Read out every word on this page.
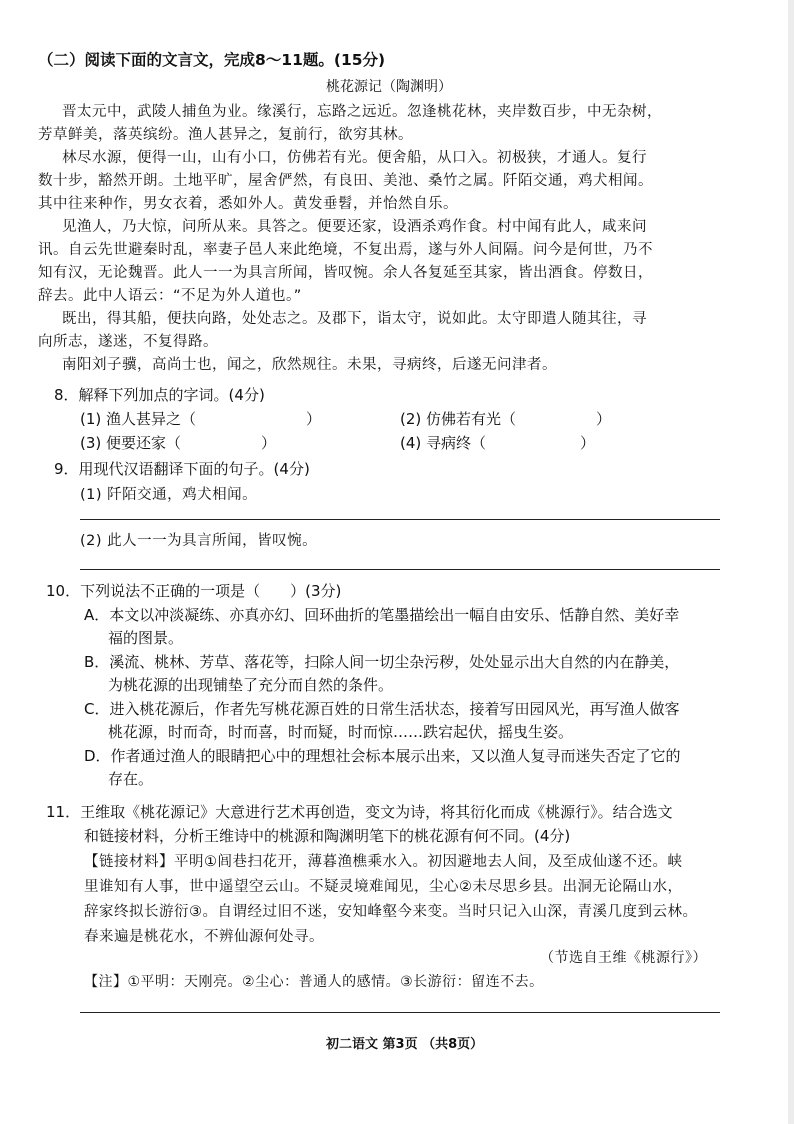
（二）阅读下面的文言文，完成8～11题。(15分)
桃花源记（陶渊明）
晋太元中，武陵人捕鱼为业。缘溪行，忘路之远近。忽逢桃花林，夹岸数百步，中无杂树，
芳草鲜美，落英缤纷。渔人甚异之，复前行，欲穷其林。
林尽水源，便得一山，山有小口，仿佛若有光。便舍船，从口入。初极狭，才通人。复行
数十步，豁然开朗。土地平旷，屋舍俨然，有良田、美池、桑竹之属。阡陌交通，鸡犬相闻。
其中往来种作，男女衣着，悉如外人。黄发垂髫，并怡然自乐。
见渔人，乃大惊，问所从来。具答之。便要还家，设酒杀鸡作食。村中闻有此人，咸来问
讯。自云先世避秦时乱，率妻子邑人来此绝境，不复出焉，遂与外人间隔。问今是何世，乃不
知有汉，无论魏晋。此人一一为具言所闻，皆叹惋。余人各复延至其家，皆出酒食。停数日，
辞去。此中人语云：“不足为外人道也。”
既出，得其船，便扶向路，处处志之。及郡下，诣太守，说如此。太守即遣人随其往，寻
向所志，遂迷，不复得路。
南阳刘子骥，高尚士也，闻之，欣然规往。未果，寻病终，后遂无问津者。
8．解释下列加点的字词。(4分)
(1) 渔人甚异之（	）	(2) 仿佛若有光（	）
(3) 便要还家（	）	(4) 寻病终（	）
9．用现代汉语翻译下面的句子。(4分)
(1) 阡陌交通，鸡犬相闻。
(2) 此人一一为具言所闻，皆叹惋。
10．下列说法不正确的一项是（　　）(3分)
A．本文以冲淡凝练、亦真亦幻、回环曲折的笔墨描绘出一幅自由安乐、恬静自然、美好幸
福的图景。
B．溪流、桃林、芳草、落花等，扫除人间一切尘杂污秽，处处显示出大自然的内在静美，
为桃花源的出现铺垫了充分而自然的条件。
C．进入桃花源后，作者先写桃花源百姓的日常生活状态，接着写田园风光，再写渔人做客
桃花源，时而奇，时而喜，时而疑，时而惊……跌宕起伏，摇曳生姿。
D．作者通过渔人的眼睛把心中的理想社会标本展示出来，又以渔人复寻而迷失否定了它的
存在。
11．王维取《桃花源记》大意进行艺术再创造，变文为诗，将其衍化而成《桃源行》。结合选文
和链接材料，分析王维诗中的桃源和陶渊明笔下的桃花源有何不同。(4分)
【链接材料】平明①闾巷扫花开，薄暮渔樵乘水入。初因避地去人间，及至成仙遂不还。峡
里谁知有人事，世中遥望空云山。不疑灵境难闻见，尘心②未尽思乡县。出洞无论隔山水，
辞家终拟长游衍③。自谓经过旧不迷，安知峰壑今来变。当时只记入山深，青溪几度到云林。
春来遍是桃花水，不辨仙源何处寻。
（节选自王维《桃源行》）
【注】①平明：天刚亮。②尘心：普通人的感情。③长游衍：留连不去。
初二语文 第3页 （共8页）
